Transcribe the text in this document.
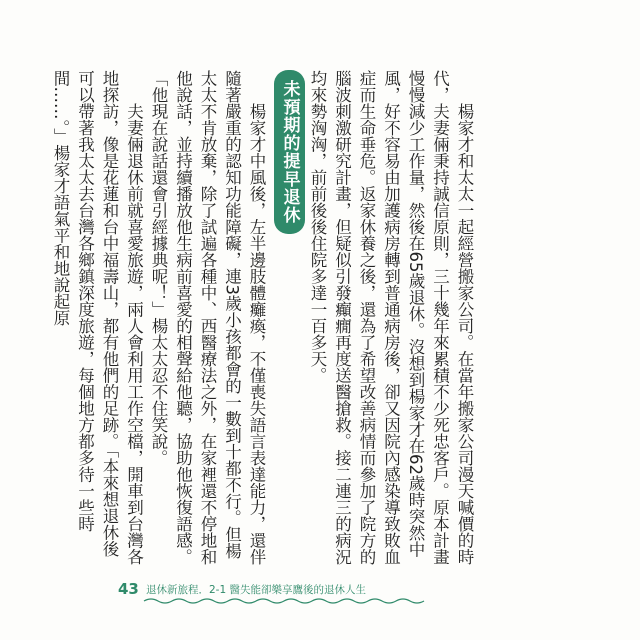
楊家才和太太一起經營搬家公司。在當年搬家公司漫天喊價的時代，夫妻倆秉持誠信原則，三十幾年來累積不少死忠客戶。原本計畫慢慢減少工作量，然後在65歲退休。沒想到楊家才在62歲時突然中風，好不容易由加護病房轉到普通病房後，卻又因院內感染導致敗血症而生命垂危。返家休養之後，還為了希望改善病情而參加了院方的腦波刺激研究計畫，但疑似引發癲癇再度送醫搶救。接二連三的病況均來勢洶洶，前前後後住院多達一百多天。
未預期的提早退休
楊家才中風後，左半邊肢體癱瘓，不僅喪失語言表達能力，還伴隨著嚴重的認知功能障礙，連3歲小孩都會的一數到十都不行。但楊太太不肯放棄，除了試遍各種中、西醫療法之外，在家裡還不停地和他說話，並持續播放他生病前喜愛的相聲給他聽，協助他恢復語感。「他現在說話還會引經據典呢！」楊太太忍不住笑說。
夫妻倆退休前就喜愛旅遊，兩人會利用工作空檔，開車到台灣各地探訪，像是花蓮和台中福壽山，都有他們的足跡。「本來想退休後可以帶著我太太去台灣各鄉鎮深度旅遊，每個地方都多待一些時間……。」楊家才語氣平和地說起原
43 退休新旅程．2-1 醫失能卻樂享鷹後的退休人生
